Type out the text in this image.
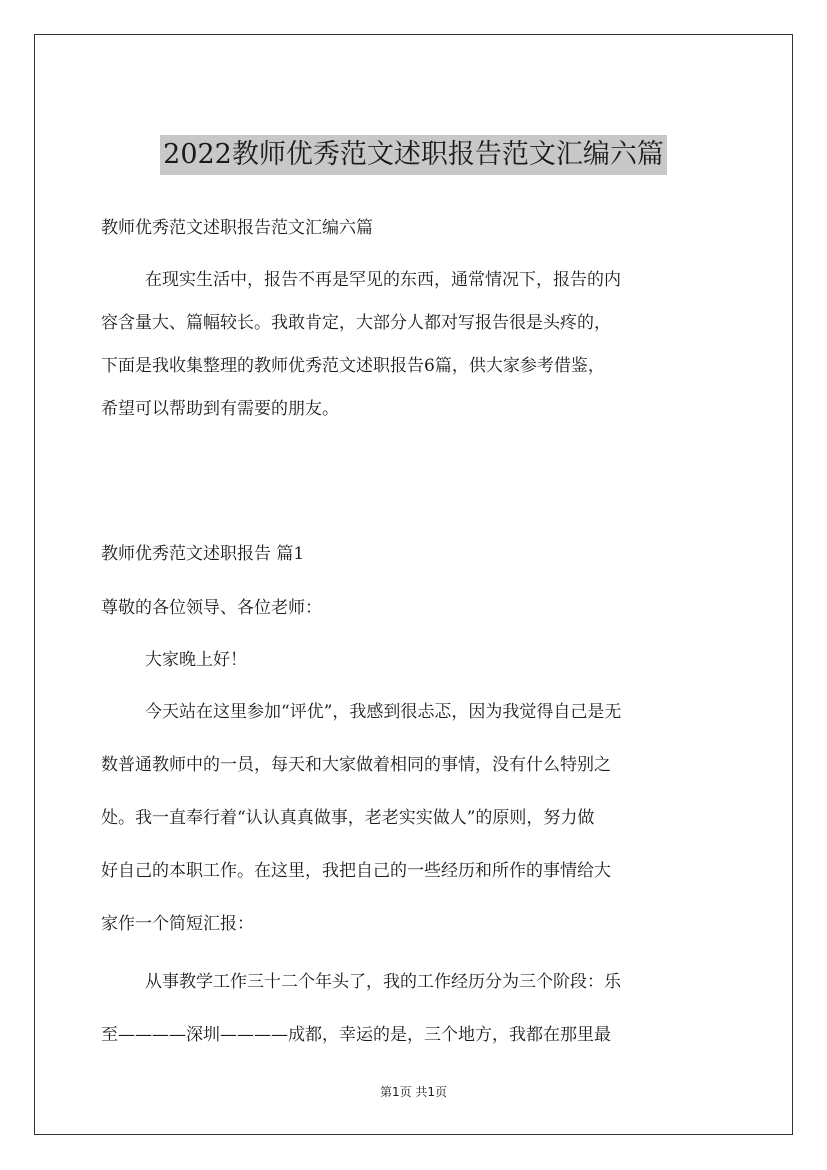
2022教师优秀范文述职报告范文汇编六篇
教师优秀范文述职报告范文汇编六篇
在现实生活中，报告不再是罕见的东西，通常情况下，报告的内
容含量大、篇幅较长。我敢肯定，大部分人都对写报告很是头疼的，
下面是我收集整理的教师优秀范文述职报告6篇，供大家参考借鉴，
希望可以帮助到有需要的朋友。
教师优秀范文述职报告 篇1
尊敬的各位领导、各位老师：
大家晚上好！
今天站在这里参加“评优”，我感到很忐忑，因为我觉得自己是无
数普通教师中的一员，每天和大家做着相同的事情，没有什么特别之
处。我一直奉行着“认认真真做事，老老实实做人”的原则，努力做
好自己的本职工作。在这里，我把自己的一些经历和所作的事情给大
家作一个简短汇报：
从事教学工作三十二个年头了，我的工作经历分为三个阶段：乐
至————深圳————成都，幸运的是，三个地方，我都在那里最
第1页 共1页
